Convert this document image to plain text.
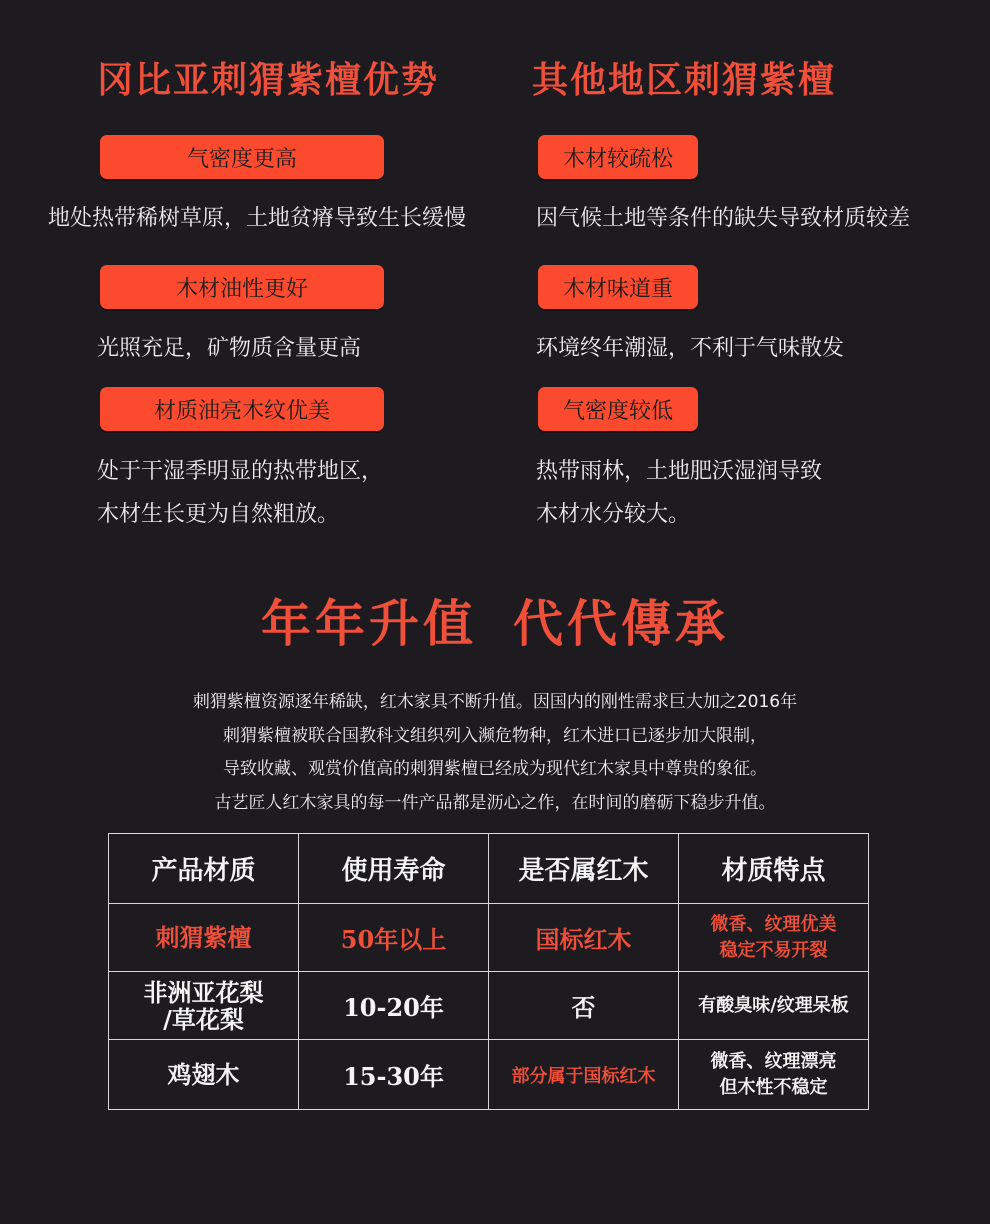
冈比亚刺猬紫檀优势
气密度更高
地处热带稀树草原，土地贫瘠导致生长缓慢
木材油性更好
光照充足，矿物质含量更高
材质油亮木纹优美
处于干湿季明显的热带地区，
木材生长更为自然粗放。
其他地区刺猬紫檀
木材较疏松
因气候土地等条件的缺失导致材质较差
木材味道重
环境终年潮湿，不利于气味散发
气密度较低
热带雨林，土地肥沃湿润导致
木材水分较大。
年年升值 代代傳承
刺猬紫檀资源逐年稀缺，红木家具不断升值。因国内的刚性需求巨大加之2016年
刺猬紫檀被联合国教科文组织列入濒危物种，红木进口已逐步加大限制，
导致收藏、观赏价值高的刺猬紫檀已经成为现代红木家具中尊贵的象征。
古艺匠人红木家具的每一件产品都是沥心之作，在时间的磨砺下稳步升值。
产品材质	使用寿命	是否属红木	材质特点
刺猬紫檀	50年以上	国标红木	微香、纹理优美
稳定不易开裂

非洲亚花梨
/草花梨	10-20年	否	有酸臭味/纹理呆板

鸡翅木	15-30年	部分属于国标红木	微香、纹理漂亮
但木性不稳定
